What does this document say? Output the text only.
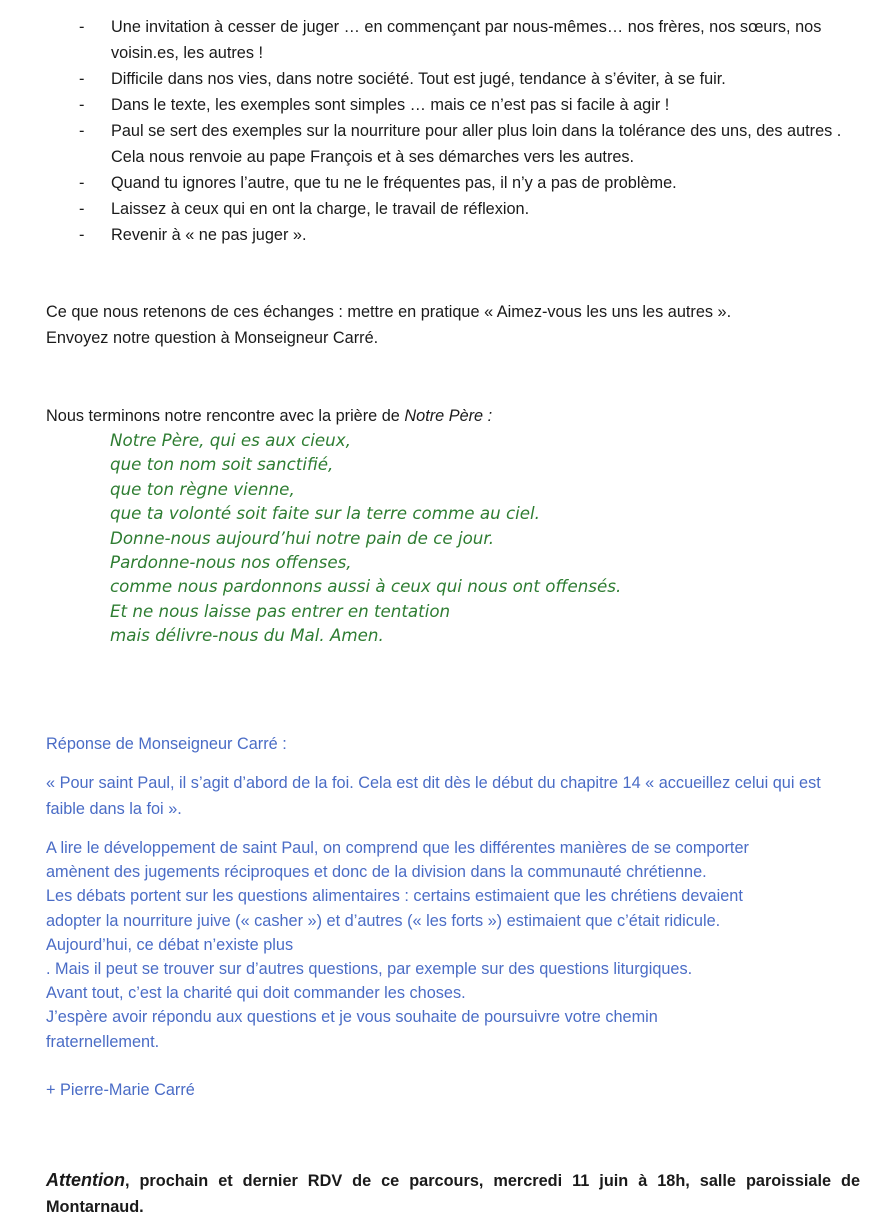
- Une invitation à cesser de juger … en commençant par nous-mêmes… nos frères, nos sœurs, nos voisin.es, les autres !
- Difficile dans nos vies, dans notre société. Tout est jugé, tendance à s’éviter, à se fuir.
- Dans le texte, les exemples sont simples … mais ce n’est pas si facile à agir !
- Paul se sert des exemples sur la nourriture pour aller plus loin dans la tolérance des uns, des autres . Cela nous renvoie au pape François et à ses démarches vers les autres.
- Quand tu ignores l’autre, que tu ne le fréquentes pas, il n’y a pas de problème.
- Laissez à ceux qui en ont la charge, le travail de réflexion.
- Revenir à « ne pas juger ».

Ce que nous retenons de ces échanges : mettre en pratique « Aimez-vous les uns les autres ».

Envoyez notre question à Monseigneur Carré.

Nous terminons notre rencontre avec la prière de Notre Père :

Notre Père, qui es aux cieux,
que ton nom soit sanctifié,
que ton règne vienne,
que ta volonté soit faite sur la terre comme au ciel.
Donne-nous aujourd’hui notre pain de ce jour.
Pardonne-nous nos offenses,
comme nous pardonnons aussi à ceux qui nous ont offensés.
Et ne nous laisse pas entrer en tentation
mais délivre-nous du Mal. Amen.

Réponse de Monseigneur Carré :

« Pour saint Paul, il s’agit d’abord de la foi. Cela est dit dès le début du chapitre 14 « accueillez celui qui est faible dans la foi ».

A lire le développement de saint Paul, on comprend que les différentes manières de se comporter
amènent des jugements réciproques et donc de la division dans la communauté chrétienne.
Les débats portent sur les questions alimentaires : certains estimaient que les chrétiens devaient
adopter la nourriture juive (« casher ») et d’autres (« les forts ») estimaient que c’était ridicule.
Aujourd’hui, ce débat n’existe plus
. Mais il peut se trouver sur d’autres questions, par exemple sur des questions liturgiques.
Avant tout, c’est la charité qui doit commander les choses.
J’espère avoir répondu aux questions et je vous souhaite de poursuivre votre chemin
fraternellement.

+ Pierre-Marie Carré

Attention, prochain et dernier RDV de ce parcours, mercredi 11 juin à 18h, salle paroissiale de Montarnaud.
